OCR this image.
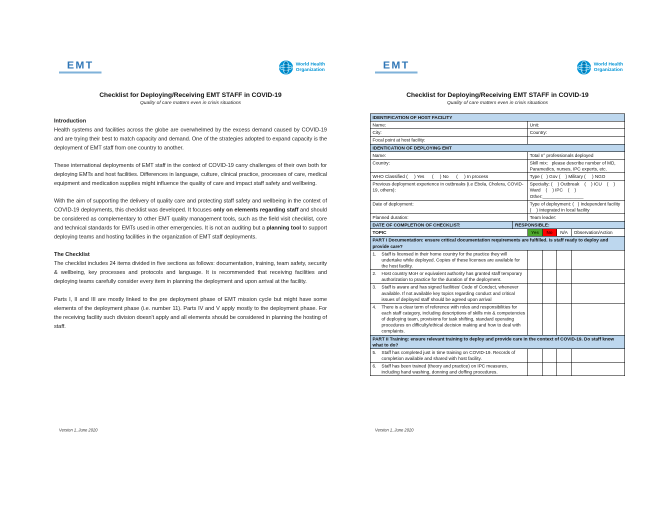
EMT	World Health
Organization
Checklist for Deploying/Receiving EMT STAFF in COVID-19
Quality of care matters even in crisis situations
Introduction

Health systems and facilities across the globe are overwhelmed by the excess demand caused by COVID-19 and are trying their best to match capacity and demand. One of the strategies adopted to expand capacity is the deployment of EMT staff from one country to another.

These international deployments of EMT staff in the context of COVID-19 carry challenges of their own both for deploying EMTs and host facilities. Differences in language, culture, clinical practice, processes of care, medical equipment and medication supplies might influence the quality of care and impact staff safety and wellbeing.

With the aim of supporting the delivery of quality care and protecting staff safety and wellbeing in the context of COVID-19 deployments, this checklist was developed. It focuses only on elements regarding staff and should be considered as complementary to other EMT quality management tools, such as the field visit checklist, core and technical standards for EMTs used in other emergencies. It is not an auditing but a planning tool to support deploying teams and hosting facilities in the organization of EMT staff deployments.

The Checklist

The checklist includes 24 items divided in five sections as follows: documentation, training, team safety, security & wellbeing, key processes and protocols and language. It is recommended that receiving facilities and deploying teams carefully consider every item in planning the deployment and upon arrival at the facility.

Parts I, II and III are mostly linked to the pre deployment phase of EMT mission cycle but might have some elements of the deployment phase (i.e. number 11). Parts IV and V apply mostly to the deployment phase. For the receiving facility such division doesn't apply and all elements should be considered in planning the hosting of staff.

Version 1_June 2020
EMT	World Health
Organization
Checklist for Deploying/Receiving EMT STAFF in COVID-19
Quality of care matters even in crisis situations
IDENTIFICATION OF HOST FACILITY
Name:	Unit:
City:	Country:
Focal point at host facility:
IDENTICATION OF DEPLOYING EMT
Name:	Total n° professionals deployed
Country:	Skill mix:   please describe number of MD, Paramedics, nurses, IPC experts, etc.
WHO Classified (     ) Yes      (     ) No      (     ) In process	Type (   ) Gov (    ) Military (     ) NGO
Previous deployment experience in outbreaks (i.e Ebola, Cholera, COVID-19, others):
Specialty: (    ) Outbreak    (    ) ICU    (    ) Ward    (    ) IPC    (    ) Other:________________
Date of deployment:	Type of deployment: (   ) Independent facility (    ) Integrated in local facility
Planned duration:	Team leader:
DATE OF COMPLETION OF CHECKLIST:	RESPONSIBLE:
TOPIC	Yes No N/A Observation/Action
PART I Documentation: ensure critical documentation requirements are fulfilled. Is staff ready to deploy and provide care?
1. Staff is licensed in their home country for the practice they will undertake while deployed. Copies of these licenses are available for the host facility.
2. Host country MoH or equivalent authority has granted staff temporary authorization to practice for the duration of the deployment.
3. Staff is aware and has signed facilities' Code of Conduct, whenever available. If not available key topics regarding conduct and critical issues of deployed staff should be agreed upon arrival
4. There is a clear term of reference with roles and responsibilities for each staff category, including descriptions of skills mix & competencies of deploying team, provisions for task shifting, standard operating procedures on difficulty/ethical decision making and how to deal with complaints.
PART II Training: ensure relevant training to deploy and provide care in the context of COVID-19. Do staff know what to do?
5. Staff has completed just in time training on COVID-19. Records of completion available and shared with host facility.
6. Staff has been trained (theory and practice) on IPC measures, including hand washing, donning and doffing procedures.
Version 1_June 2020
